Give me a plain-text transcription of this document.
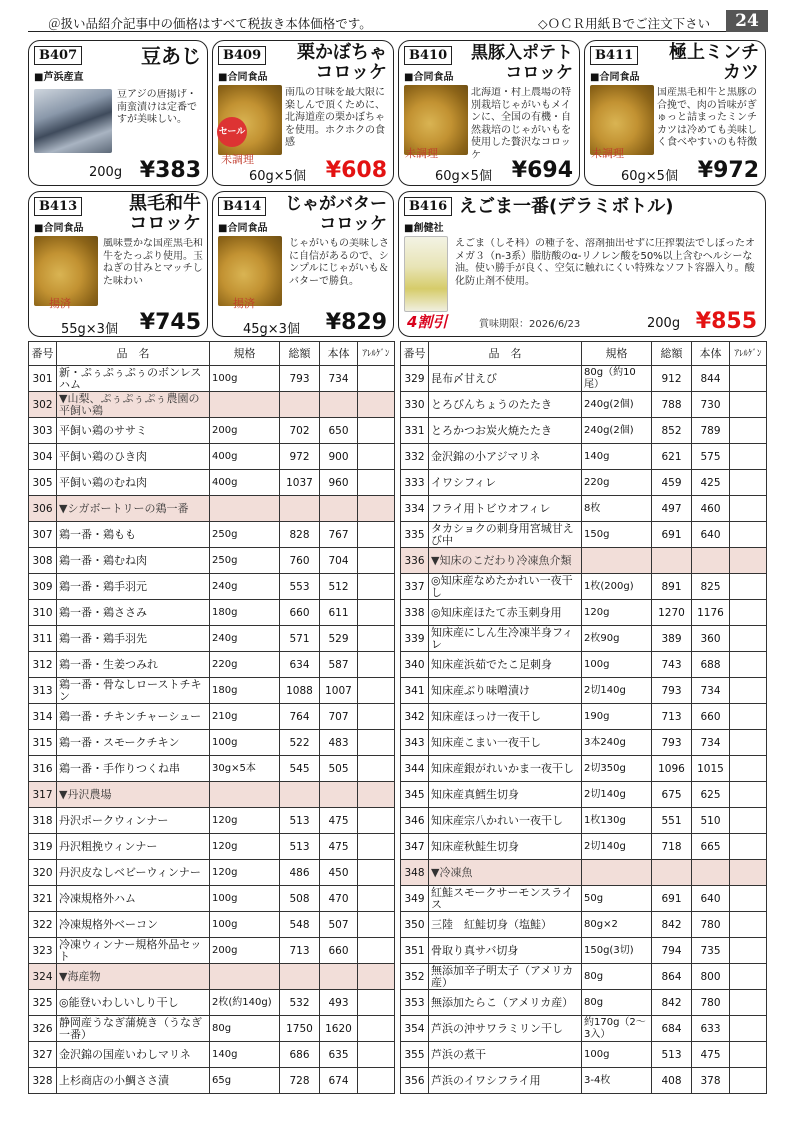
＠扱い品紹介記事中の価格はすべて税抜き本体価格です。	◇ＯＣＲ用紙Ｂでご注文下さい	24
B407	豆あじ
■芦浜産直
豆アジの唐揚げ・南蛮漬けは定番ですが美味しい。
200g ¥383
B409 栗かぼちゃ
コロッケ
■合同食品
セール
南瓜の甘味を最大限に楽しんで頂くために、北海道産の栗かぼちゃを使用。ホクホクの食感
未調理
60g×5個 ¥608
B410 黒豚入ポテト
コロッケ
■合同食品
北海道・村上農場の特別栽培じゃがいもメインに、全国の有機・自然栽培のじゃがいもを使用した贅沢なコロッケ
未調理
60g×5個 ¥694
B411 極上ミンチ
カツ
■合同食品
国産黒毛和牛と黒豚の合挽で、肉の旨味がぎゅっと詰まったミンチカツは冷めても美味しく食べやすいのも特徴
未調理
60g×5個 ¥972
B413	黒毛和牛
コロッケ
■合同食品
風味豊かな国産黒毛和牛をたっぷり使用。玉ねぎの甘みとマッチした味わい
揚済
55g×3個 ¥745
B414 じゃがバター
コロッケ
■合同食品
じゃがいもの美味しさに自信があるので、シンプルにじゃがいも＆バターで勝負。
揚済
45g×3個 ¥829
B416 えごま一番(デラミボトル)
■創健社
えごま（しそ科）の種子を、溶剤抽出せずに圧搾製法でしぼったオメガ３（n-3系）脂肪酸のα-リノレン酸を50%以上含むヘルシーな油。使い勝手が良く、空気に触れにくい特殊なソフト容器入り。酸化防止剤不使用。
4割引	賞味期限：2026/6/23	200g ¥855
番号	品　名	規格	総額	本体	ｱﾚﾙｹﾞﾝ
301	新・ぷぅぷぅぷぅのボンレスハム	100g	793	734	
302	▼山梨、ぷぅぷぅぷぅ農園の平飼い鶏				
303	平飼い鶏のササミ	200g	702	650	
304	平飼い鶏のひき肉	400g	972	900	
305	平飼い鶏のむね肉	400g	1037	960	
306	▼シガボートリーの鶏一番				
307	鶏一番・鶏もも	250g	828	767	
308	鶏一番・鶏むね肉	250g	760	704	
309	鶏一番・鶏手羽元	240g	553	512	
310	鶏一番・鶏ささみ	180g	660	611	
311	鶏一番・鶏手羽先	240g	571	529	
312	鶏一番・生姜つみれ	220g	634	587	
313	鶏一番・骨なしローストチキン	180g	1088	1007	
314	鶏一番・チキンチャーシュー	210g	764	707	
315	鶏一番・スモークチキン	100g	522	483	
316	鶏一番・手作りつくね串	30g×5本	545	505	
317	▼丹沢農場				
318	丹沢ポークウィンナー	120g	513	475	
319	丹沢粗挽ウィンナー	120g	513	475	
320	丹沢皮なしベビーウィンナー	120g	486	450	
321	冷凍規格外ハム	100g	508	470	
322	冷凍規格外ベーコン	100g	548	507	
323	冷凍ウィンナー規格外品セット	200g	713	660	
324	▼海産物				
325	◎能登いわしいしり干し	2枚(約140g)	532	493	
326	静岡産うなぎ蒲焼き（うなぎ一番）	80g	1750	1620	
327	金沢錦の国産いわしマリネ	140g	686	635	
328	上杉商店の小鯛ささ漬	65g	728	674	
番号	品　名	規格	総額	本体	ｱﾚﾙｹﾞﾝ
329	昆布〆甘えび	80g（約10尾）	912	844	
330	とろびんちょうのたたき	240g(2個)	788	730	
331	とろかつお炭火焼たたき	240g(2個)	852	789	
332	金沢錦の小アジマリネ	140g	621	575	
333	イワシフィレ	220g	459	425	
334	フライ用トビウオフィレ	8枚	497	460	
335	タカショクの刺身用宮城甘えび中	150g	691	640	
336	▼知床のこだわり冷凍魚介類				
337	◎知床産なめたかれい一夜干し	1枚(200g)	891	825	
338	◎知床産ほたて赤玉刺身用	120g	1270	1176	
339	知床産にしん生冷凍半身フィレ	2枚90g	389	360	
340	知床産浜茹でたこ足刺身	100g	743	688	
341	知床産ぶり味噌漬け	2切140g	793	734	
342	知床産ほっけ一夜干し	190g	713	660	
343	知床産こまい一夜干し	3本240g	793	734	
344	知床産銀がれいかま一夜干し	2切350g	1096	1015	
345	知床産真鱈生切身	2切140g	675	625	
346	知床産宗八かれい一夜干し	1枚130g	551	510	
347	知床産秋鮭生切身	2切140g	718	665	
348	▼冷凍魚				
349	紅鮭スモークサーモンスライス	50g	691	640	
350	三陸　紅鮭切身（塩鮭）	80g×2	842	780	
351	骨取り真サバ切身	150g(3切)	794	735	
352	無添加辛子明太子（アメリカ産）	80g	864	800	
353	無添加たらこ（アメリカ産）	80g	842	780	
354	芦浜の沖サワラミリン干し	約170g（2〜3入）	684	633	
355	芦浜の煮干	100g	513	475	
356	芦浜のイワシフライ用	3-4枚	408	378	
